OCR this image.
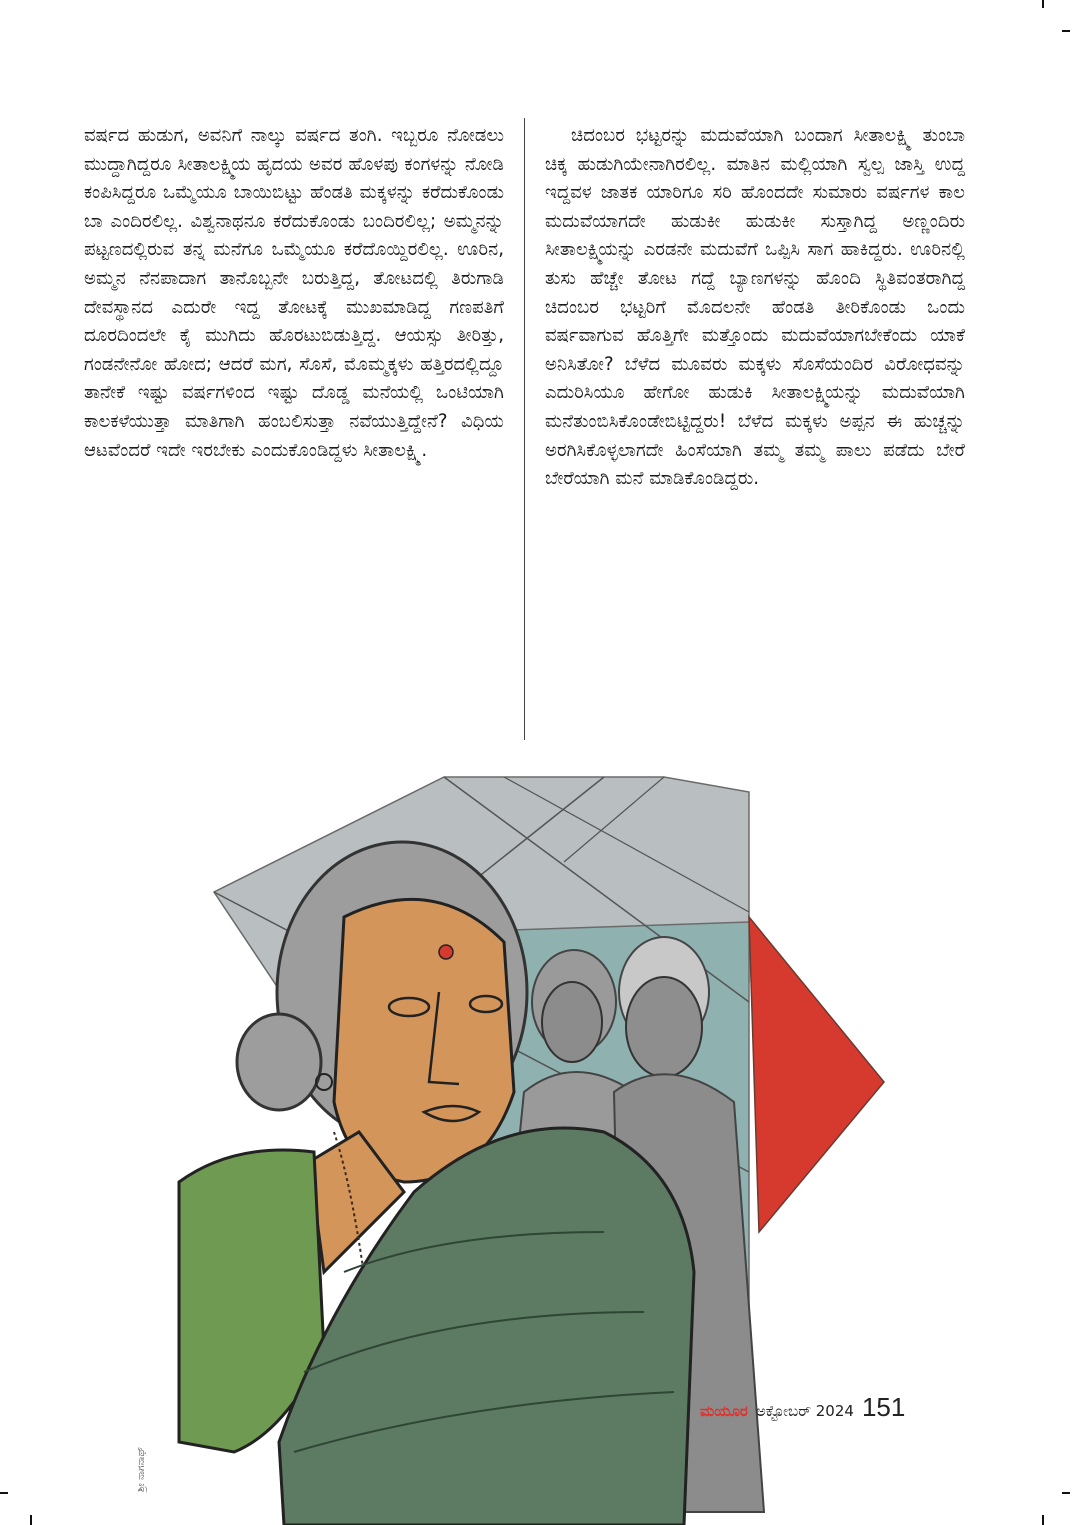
ವರ್ಷದ ಹುಡುಗ, ಅವನಿಗೆ ನಾಲ್ಕು ವರ್ಷದ ತಂಗಿ. ಇಬ್ಬರೂ ನೋಡಲು ಮುದ್ದಾಗಿದ್ದರೂ ಸೀತಾಲಕ್ಷ್ಮಿಯ ಹೃದಯ ಅವರ ಹೊಳಪು ಕಂಗಳನ್ನು ನೋಡಿ ಕಂಪಿಸಿದ್ದರೂ ಒಮ್ಮೆಯೂ ಬಾಯಿಬಿಟ್ಟು ಹೆಂಡತಿ ಮಕ್ಕಳನ್ನು ಕರೆದುಕೊಂಡು ಬಾ ಎಂದಿರಲಿಲ್ಲ. ವಿಶ್ವನಾಥನೂ ಕರೆದುಕೊಂಡು ಬಂದಿರಲಿಲ್ಲ; ಅಮ್ಮನನ್ನು ಪಟ್ಟಣದಲ್ಲಿರುವ ತನ್ನ ಮನೆಗೂ ಒಮ್ಮೆಯೂ ಕರೆದೊಯ್ದಿರಲಿಲ್ಲ. ಊರಿನ, ಅಮ್ಮನ ನೆನಪಾದಾಗ ತಾನೊಬ್ಬನೇ ಬರುತ್ತಿದ್ದ, ತೋಟದಲ್ಲಿ ತಿರುಗಾಡಿ ದೇವಸ್ಥಾನದ ಎದುರೇ ಇದ್ದ ತೋಟಕ್ಕೆ ಮುಖಮಾಡಿದ್ದ ಗಣಪತಿಗೆ ದೂರದಿಂದಲೇ ಕೈ ಮುಗಿದು ಹೊರಟುಬಿಡುತ್ತಿದ್ದ. ಆಯಸ್ಸು ತೀರಿತ್ತು, ಗಂಡನೇನೋ ಹೋದ; ಆದರೆ ಮಗ, ಸೊಸೆ, ಮೊಮ್ಮಕ್ಕಳು ಹತ್ತಿರದಲ್ಲಿದ್ದೂ ತಾನೇಕೆ ಇಷ್ಟು ವರ್ಷಗಳಿಂದ ಇಷ್ಟು ದೊಡ್ಡ ಮನೆಯಲ್ಲಿ ಒಂಟಿಯಾಗಿ ಕಾಲಕಳೆಯುತ್ತಾ ಮಾತಿಗಾಗಿ ಹಂಬಲಿಸುತ್ತಾ ನವೆಯುತ್ತಿದ್ದೇನೆ? ವಿಧಿಯ ಆಟವೆಂದರೆ ಇದೇ ಇರಬೇಕು ಎಂದುಕೊಂಡಿದ್ದಳು ಸೀತಾಲಕ್ಷ್ಮಿ.
ಚಿದಂಬರ ಭಟ್ಟರನ್ನು ಮದುವೆಯಾಗಿ ಬಂದಾಗ ಸೀತಾಲಕ್ಷ್ಮಿ ತುಂಬಾ ಚಿಕ್ಕ ಹುಡುಗಿಯೇನಾಗಿರಲಿಲ್ಲ. ಮಾತಿನ ಮಲ್ಲಿಯಾಗಿ ಸ್ವಲ್ಪ ಜಾಸ್ತಿ ಉದ್ದ ಇದ್ದವಳ ಜಾತಕ ಯಾರಿಗೂ ಸರಿ ಹೊಂದದೇ ಸುಮಾರು ವರ್ಷಗಳ ಕಾಲ ಮದುವೆಯಾಗದೇ ಹುಡುಕೀ ಹುಡುಕೀ ಸುಸ್ತಾಗಿದ್ದ ಅಣ್ಣಂದಿರು ಸೀತಾಲಕ್ಷ್ಮಿಯನ್ನು ಎರಡನೇ ಮದುವೆಗೆ ಒಪ್ಪಿಸಿ ಸಾಗ ಹಾಕಿದ್ದರು. ಊರಿನಲ್ಲಿ ತುಸು ಹೆಚ್ಚೇ ತೋಟ ಗದ್ದೆ ಬ್ಯಾಣಗಳನ್ನು ಹೊಂದಿ ಸ್ಥಿತಿವಂತರಾಗಿದ್ದ ಚಿದಂಬರ ಭಟ್ಟರಿಗೆ ಮೊದಲನೇ ಹೆಂಡತಿ ತೀರಿಕೊಂಡು ಒಂದು ವರ್ಷವಾಗುವ ಹೊತ್ತಿಗೇ ಮತ್ತೊಂದು ಮದುವೆಯಾಗಬೇಕೆಂದು ಯಾಕೆ ಅನಿಸಿತೋ? ಬೆಳೆದ ಮೂವರು ಮಕ್ಕಳು ಸೊಸೆಯಂದಿರ ವಿರೋಧವನ್ನು ಎದುರಿಸಿಯೂ ಹೇಗೋ ಹುಡುಕಿ ಸೀತಾಲಕ್ಷ್ಮಿಯನ್ನು ಮದುವೆಯಾಗಿ ಮನೆತುಂಬಿಸಿಕೊಂಡೇಬಿಟ್ಟಿದ್ದರು! ಬೆಳೆದ ಮಕ್ಕಳು ಅಪ್ಪನ ಈ ಹುಚ್ಚನ್ನು ಅರಗಿಸಿಕೊಳ್ಳಲಾಗದೇ ಹಿಂಸೆಯಾಗಿ ತಮ್ಮ ತಮ್ಮ ಪಾಲು ಪಡೆದು ಬೇರೆ ಬೇರೆಯಾಗಿ ಮನೆ ಮಾಡಿಕೊಂಡಿದ್ದರು.
ಶ್ರೀ ನಾಗನಾಥ್
ಮಯೂರ ಅಕ್ಟೋಬರ್ 2024 151
